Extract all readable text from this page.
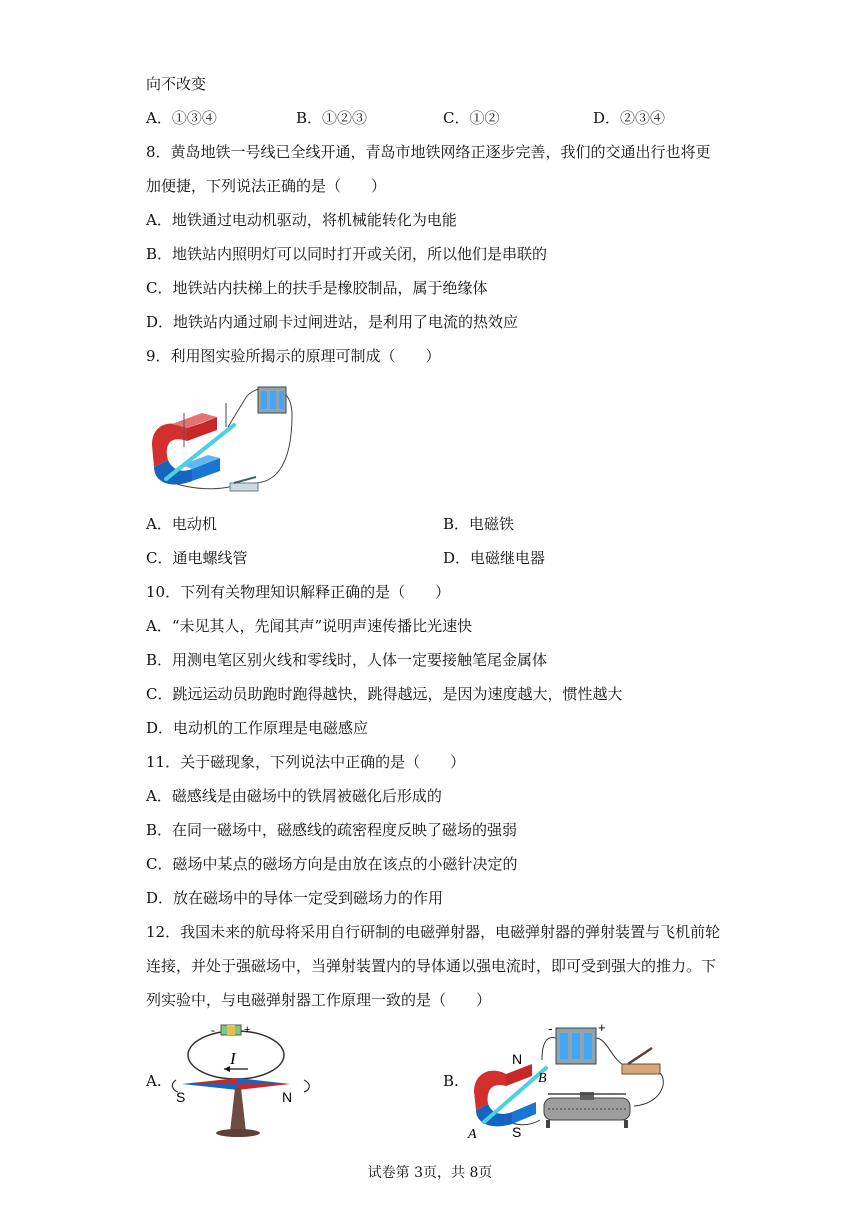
向不改变
A．①③④	B．①②③	C．①②	D．②③④
8．黄岛地铁一号线已全线开通，青岛市地铁网络正逐步完善，我们的交通出行也将更
加便捷，下列说法正确的是（　　）
A．地铁通过电动机驱动，将机械能转化为电能
B．地铁站内照明灯可以同时打开或关闭，所以他们是串联的
C．地铁站内扶梯上的扶手是橡胶制品，属于绝缘体
D．地铁站内通过刷卡过闸进站，是利用了电流的热效应
9．利用图实验所揭示的原理可制成（　　）
A．电动机	B．电磁铁
C．通电螺线管	D．电磁继电器
10．下列有关物理知识解释正确的是（　　）
A．“未见其人，先闻其声”说明声速传播比光速快
B．用测电笔区别火线和零线时，人体一定要接触笔尾金属体
C．跳远运动员助跑时跑得越快，跳得越远，是因为速度越大，惯性越大
D．电动机的工作原理是电磁感应
11．关于磁现象，下列说法中正确的是（　　）
A．磁感线是由磁场中的铁屑被磁化后形成的
B．在同一磁场中，磁感线的疏密程度反映了磁场的强弱
C．磁场中某点的磁场方向是由放在该点的小磁针决定的
D．放在磁场中的导体一定受到磁场力的作用
12．我国未来的航母将采用自行研制的电磁弹射器，电磁弹射器的弹射装置与飞机前轮
连接，并处于强磁场中，当弹射装置内的导体通以强电流时，即可受到强大的推力。下
列实验中，与电磁弹射器工作原理一致的是（　　）
A.
-	+
I
S	N
B.
N
S
A
B
-	+
试卷第 3页，共 8页
